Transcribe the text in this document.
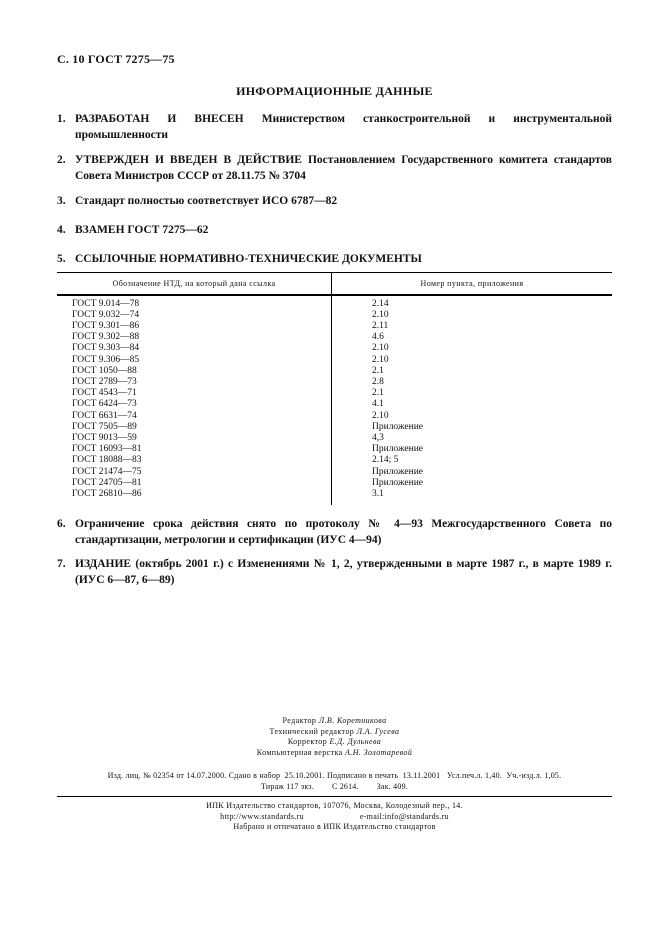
С. 10 ГОСТ 7275—75
ИНФОРМАЦИОННЫЕ ДАННЫЕ
1. РАЗРАБОТАН И ВНЕСЕН Министерством станкостроительной и инструментальной промышленности
2. УТВЕРЖДЕН И ВВЕДЕН В ДЕЙСТВИЕ Постановлением Государственного комитета стандартов Совета Министров СССР от 28.11.75 № 3704
3. Стандарт полностью соответствует ИСО 6787—82
4. ВЗАМЕН ГОСТ 7275—62
5. ССЫЛОЧНЫЕ НОРМАТИВНО-ТЕХНИЧЕСКИЕ ДОКУМЕНТЫ
Обозначение НТД, на который дана ссылка	Номер пункта, приложения
ГОСТ 9.014—78	2.14
ГОСТ 9.032—74	2.10
ГОСТ 9.301—86	2.11
ГОСТ 9.302—88	4.6
ГОСТ 9.303—84	2.10
ГОСТ 9.306—85	2.10
ГОСТ 1050—88	2.1
ГОСТ 2789—73	2.8
ГОСТ 4543—71	2.1
ГОСТ 6424—73	4.1
ГОСТ 6631—74	2.10
ГОСТ 7505—89	Приложение
ГОСТ 9013—59	4,3
ГОСТ 16093—81	Приложение
ГОСТ 18088—83	2.14; 5
ГОСТ 21474—75	Приложение
ГОСТ 24705—81	Приложение
ГОСТ 26810—86	3.1
6. Ограничение срока действия снято по протоколу № 4—93 Межгосударственного Совета по стандартизации, метрологии и сертификации (ИУС 4—94)
7. ИЗДАНИЕ (октябрь 2001 г.) с Изменениями № 1, 2, утвержденными в марте 1987 г., в марте 1989 г. (ИУС 6—87, 6—89)
Редактор Л.В. Коретникова
Технический редактор Л.А. Гусева
Корректор Е.Д. Дульнева
Компьютерная верстка А.Н. Золотаревой
Изд. лиц. № 02354 от 14.07.2000. Сдано в набор  25.10.2001. Подписано в печать  13.11.2001   Усл.печ.л. 1,40.  Уч.-изд.л. 1,05.
Тираж 117 экз. С 2614. Зак. 409.
ИПК Издательство стандартов, 107076, Москва, Колодезный пер., 14.
http://www.standards.ru	e-mail:info@standards.ru
Набрано и отпечатано в ИПК Издательство стандартов
